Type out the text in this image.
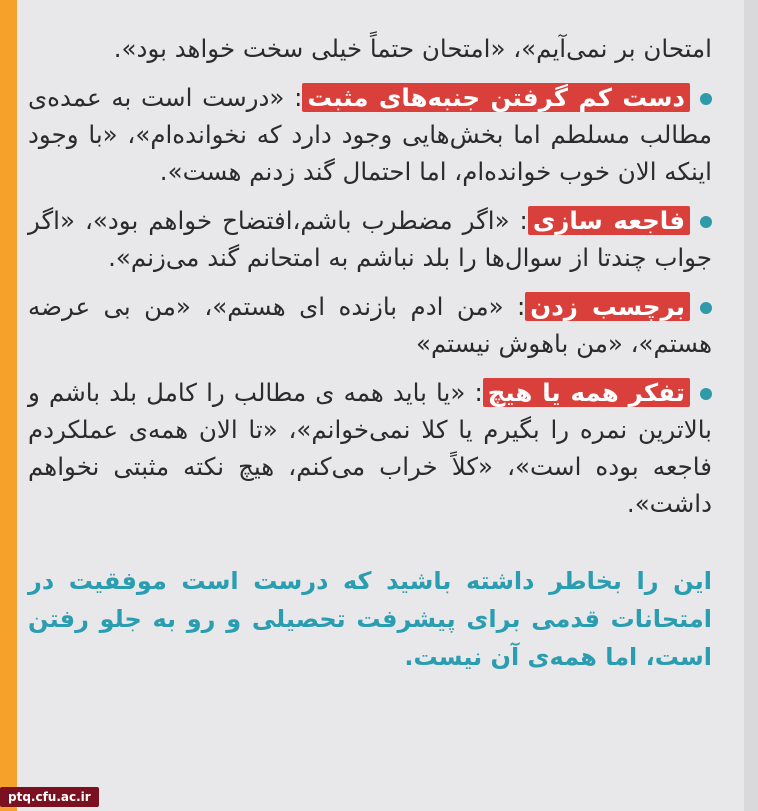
امتحان بر نمی‌آیم»، «امتحان حتماً خیلی سخت خواهد بود».

دست کم گرفتن جنبه‌های مثبت: «درست است به عمده‌ی مطالب مسلطم اما بخش‌هایی وجود دارد که نخوانده‌ام»، «با وجود اینکه الان خوب خوانده‌ام، اما احتمال گند زدنم هست».

فاجعه سازی: «اگر مضطرب باشم،افتضاح خواهم بود»، «اگر جواب چندتا از سوال‌ها را بلد نباشم به امتحانم گند می‌زنم».

برچسب زدن: «من ادم بازنده ای هستم»، «من بی عرضه هستم»، «من باهوش نیستم»

تفکر همه یا هیچ: «یا باید همه ی مطالب را کامل بلد باشم و بالاترین نمره را بگیرم یا کلا نمی‌خوانم»، «تا الان همه‌ی عملکردم فاجعه بوده است»، «کلاً خراب می‌کنم، هیچ نکته مثبتی نخواهم داشت».

این را بخاطر داشته باشید که درست است موفقیت در امتحانات قدمی برای پیشرفت تحصیلی و رو به جلو رفتن است، اما همه‌ی آن نیست.

ptq.cfu.ac.ir
